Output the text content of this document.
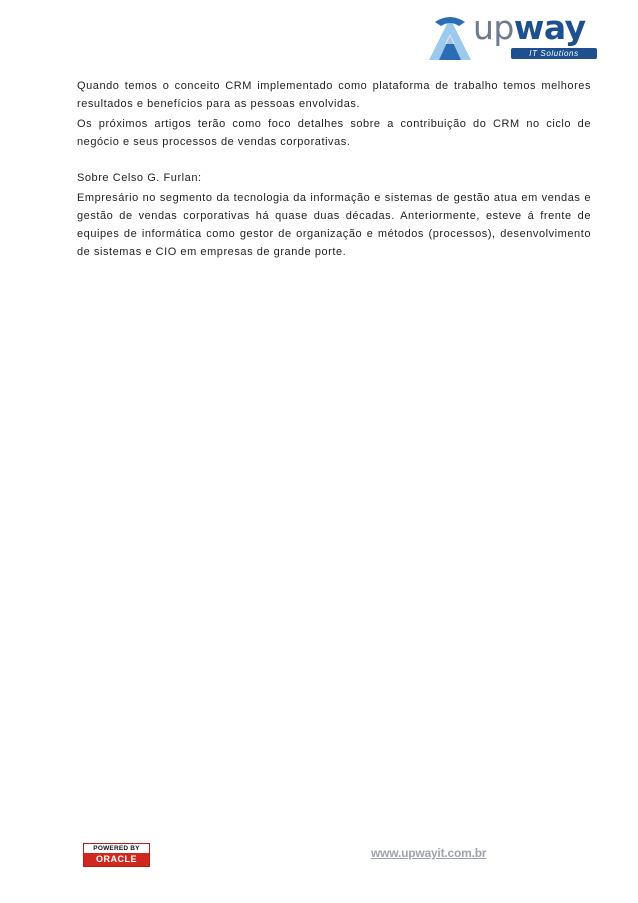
upway
IT Solutions

Quando temos o conceito CRM implementado como plataforma de trabalho temos melhores resultados e benefícios para as pessoas envolvidas.

Os próximos artigos terão como foco detalhes sobre a contribuição do CRM no ciclo de negócio e seus processos de vendas corporativas.

Sobre Celso G. Furlan:

Empresário no segmento da tecnologia da informação e sistemas de gestão atua em vendas e gestão de vendas corporativas há quase duas décadas. Anteriormente, esteve á frente de equipes de informática como gestor de organização e métodos (processos), desenvolvimento de sistemas e CIO em empresas de grande porte.

POWERED BY
ORACLE	www.upwayit.com.br
